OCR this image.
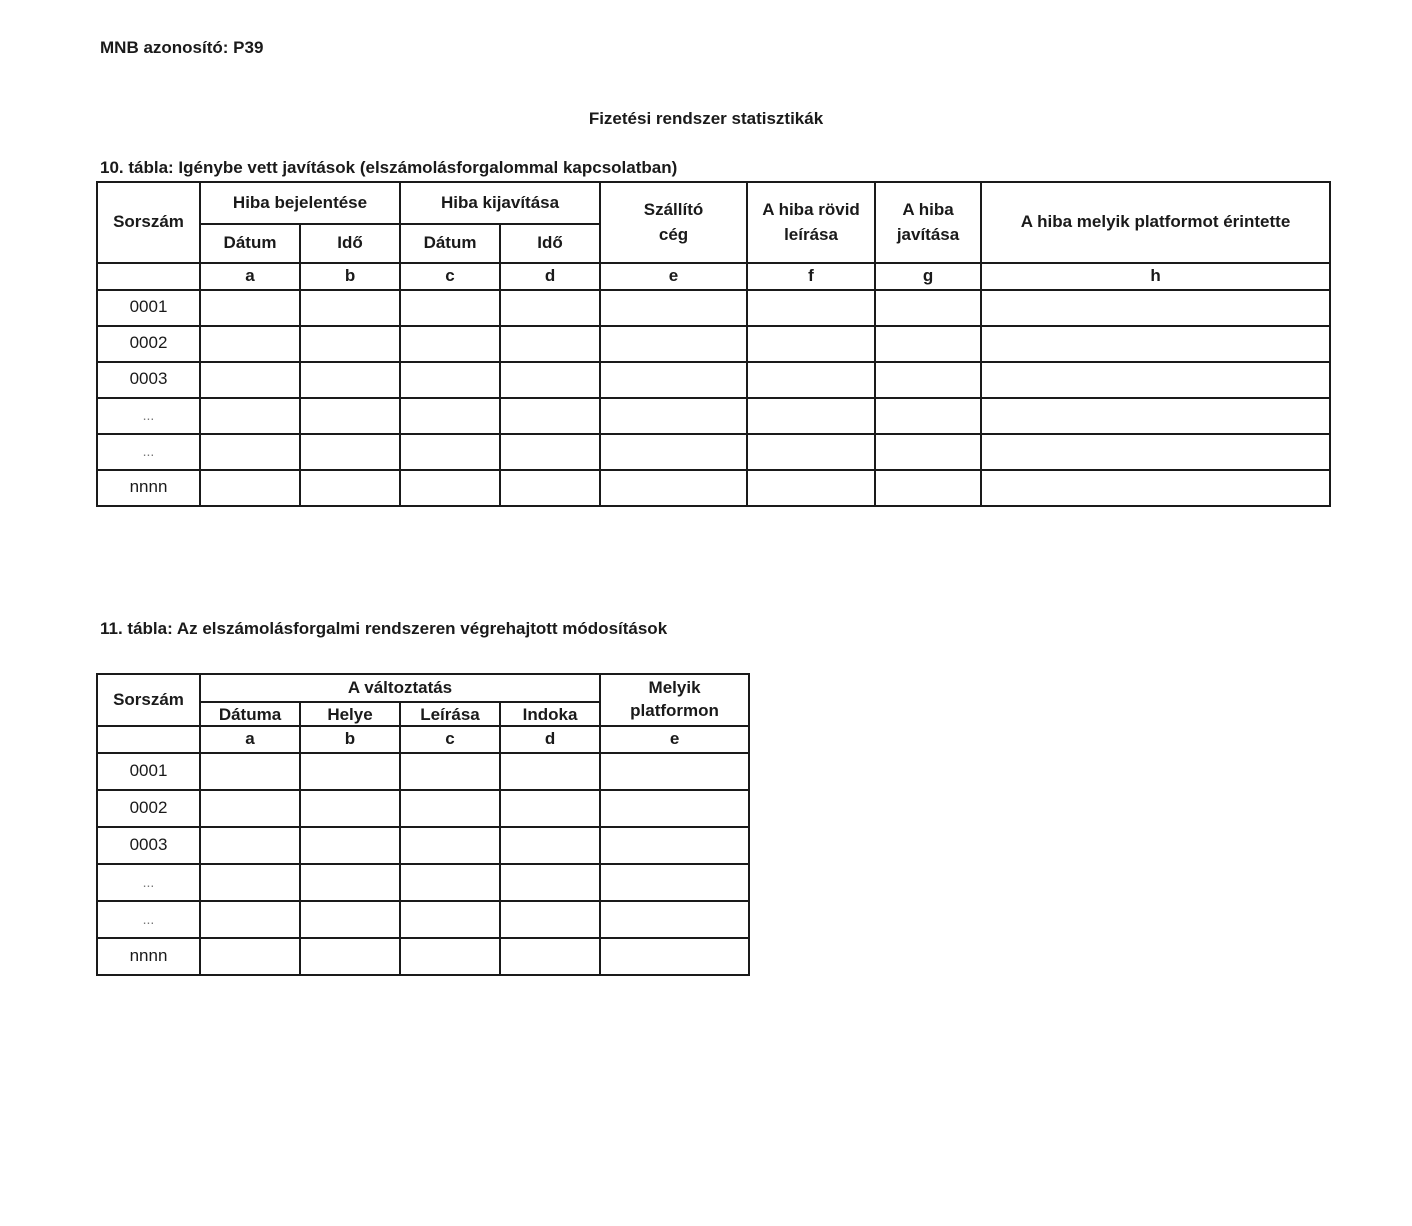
MNB azonosító: P39
Fizetési rendszer statisztikák
10. tábla: Igénybe vett javítások (elszámolásforgalommal kapcsolatban)
Sorszám	Hiba bejelentése		Hiba kijavítása		Szállító cég	A hiba rövid leírása	A hiba javítása	A hiba melyik platformot érintette
	Dátum	Idő	Dátum	Idő				
	a	b	c	d	e	f	g	h
0001								
0002								
0003								
...								
...								
nnnn								
11. tábla: Az elszámolásforgalmi rendszeren végrehajtott módosítások
Sorszám	A változtatás				Melyik platformon
	Dátuma	Helye	Leírása	Indoka	
	a	b	c	d	e
0001					
0002					
0003					
...					
...					
nnnn					
